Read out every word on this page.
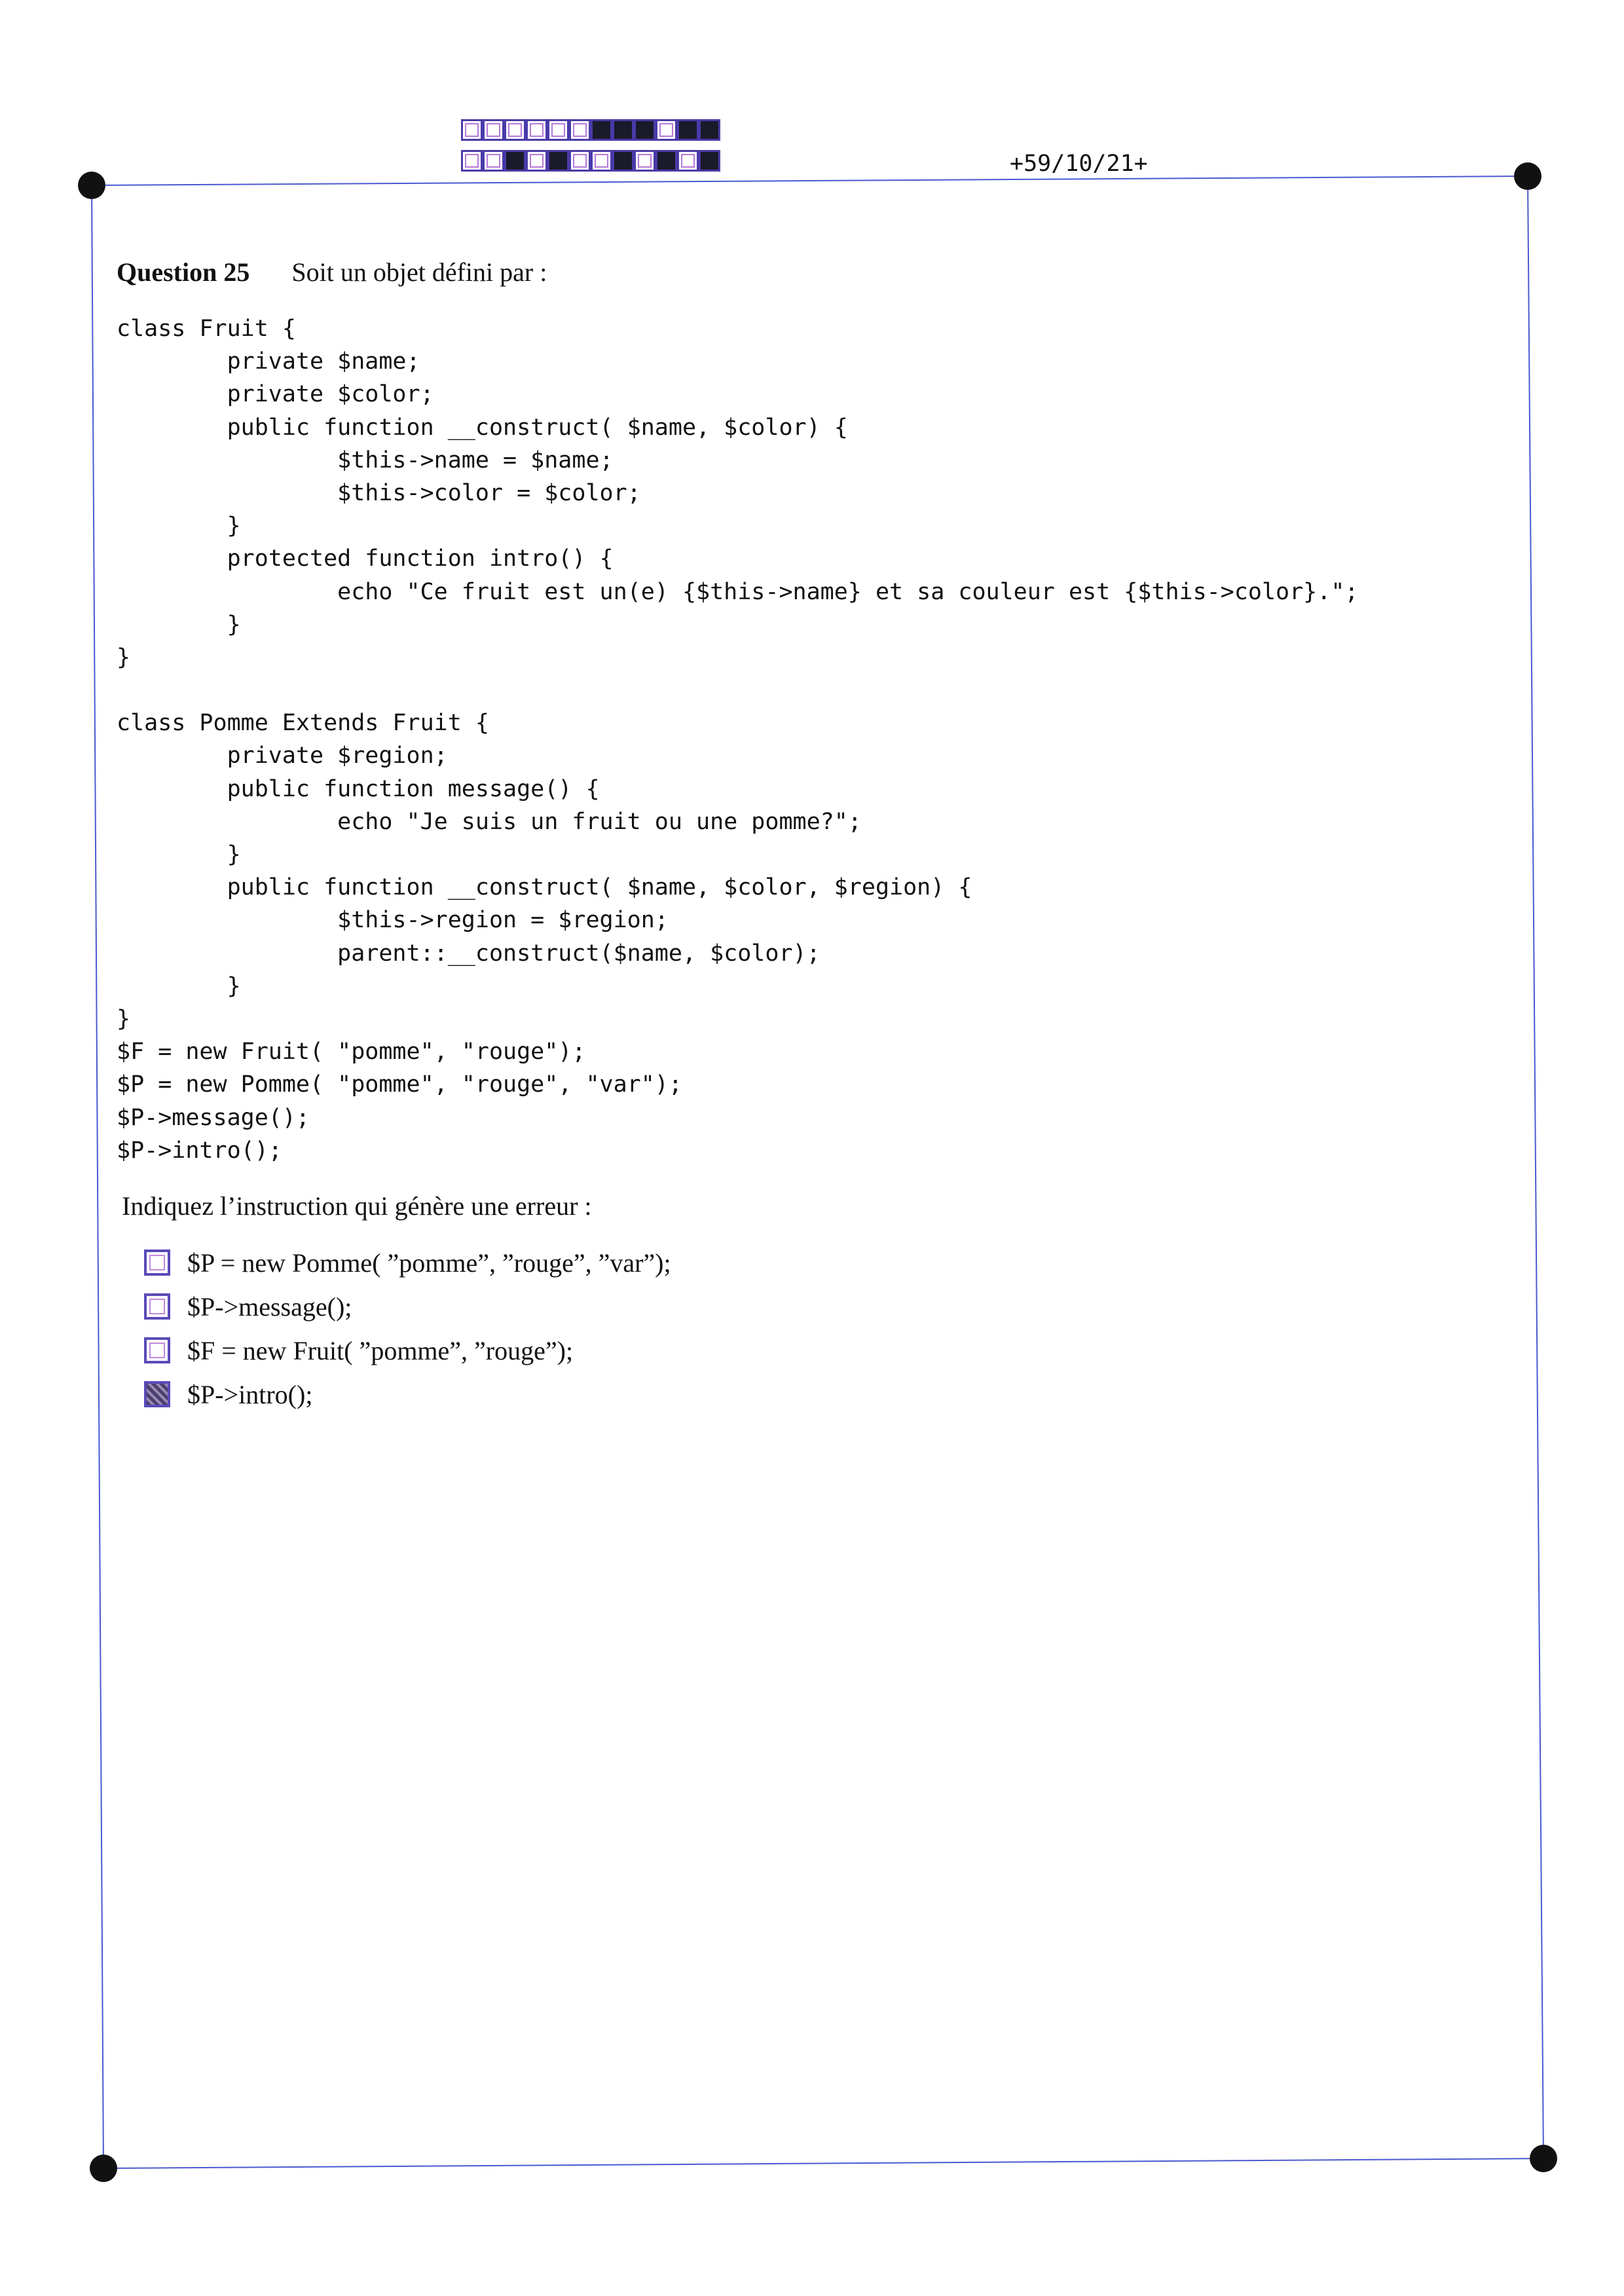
+59/10/21+
Question 25 Soit un objet défini par :
class Fruit {
private $name;
private $color;
public function __construct( $name, $color) {
$this->name = $name;
$this->color = $color;
}
protected function intro() {
echo "Ce fruit est un(e) {$this->name} et sa couleur est {$this->color}.";
}
}
class Pomme Extends Fruit {
private $region;
public function message() {
echo "Je suis un fruit ou une pomme?";
}
public function __construct( $name, $color, $region) {
$this->region = $region;
parent::__construct($name, $color);
}
}
$F = new Fruit( "pomme", "rouge");
$P = new Pomme( "pomme", "rouge", "var");
$P->message();
$P->intro();
Indiquez l’instruction qui génère une erreur :
$P = new Pomme( ”pomme”, ”rouge”, ”var”);
$P->message();
$F = new Fruit( ”pomme”, ”rouge”);
$P->intro();
